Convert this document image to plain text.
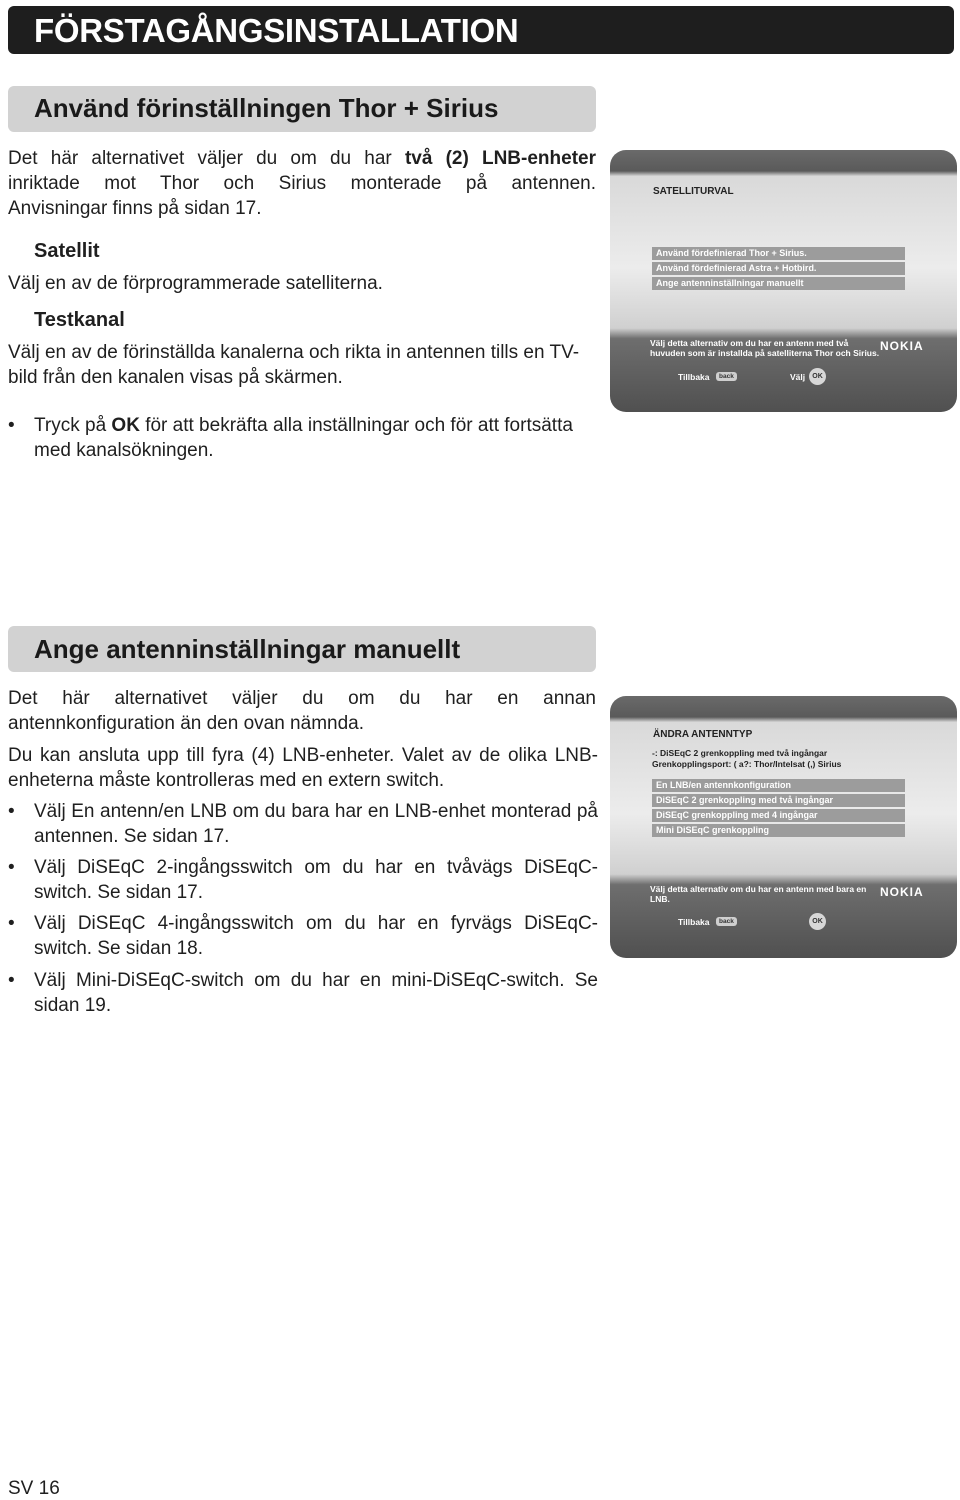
FÖRSTAGÅNGSINSTALLATION
Använd förinställningen Thor + Sirius
Det här alternativet väljer du om du har två (2) LNB-enheter
inriktade mot Thor och Sirius monterade på antennen.
Anvisningar finns på sidan 17.
Satellit
Välj en av de förprogrammerade satelliterna.
Testkanal
Välj en av de förinställda kanalerna och rikta in antennen tills en TV-bild från den kanalen visas på skärmen.
• Tryck på OK för att bekräfta alla inställningar och för att fortsätta med kanalsökningen.
SATELLITURVAL
Använd fördefinierad Thor + Sirius.
Använd fördefinierad Astra + Hotbird.
Ange antenninställningar manuellt
Välj detta alternativ om du har en antenn med två huvuden som är installda på satelliterna Thor och Sirius. NOKIA
Tillbaka	back	Välj	OK
Ange antenninställningar manuellt
Det här alternativet väljer du om du har en annan
antennkonfiguration än den ovan nämnda.
Du kan ansluta upp till fyra (4) LNB-enheter. Valet av de olika LNB-
enheterna måste kontrolleras med en extern switch.
• Välj En antenn/en LNB om du bara har en LNB-enhet monterad på antennen. Se sidan 17.
• Välj DiSEqC 2-ingångsswitch om du har en tvåvägs DiSEqC-switch. Se sidan 17.
• Välj DiSEqC 4-ingångsswitch om du har en fyrvägs DiSEqC-switch. Se sidan 18.
• Välj Mini-DiSEqC-switch om du har en mini-DiSEqC-switch. Se sidan 19.
ÄNDRA ANTENNTYP
-: DiSEqC 2 grenkoppling med två ingångar
Grenkopplingsport: ( a?: Thor/Intelsat (,) Sirius
En LNB/en antennkonfiguration
DiSEqC 2 grenkoppling med två ingångar
DiSEqC grenkoppling med 4 ingångar
Mini DiSEqC grenkoppling
Välj detta alternativ om du har en antenn med bara en LNB.	NOKIA
Tillbaka	back	OK
SV 16
